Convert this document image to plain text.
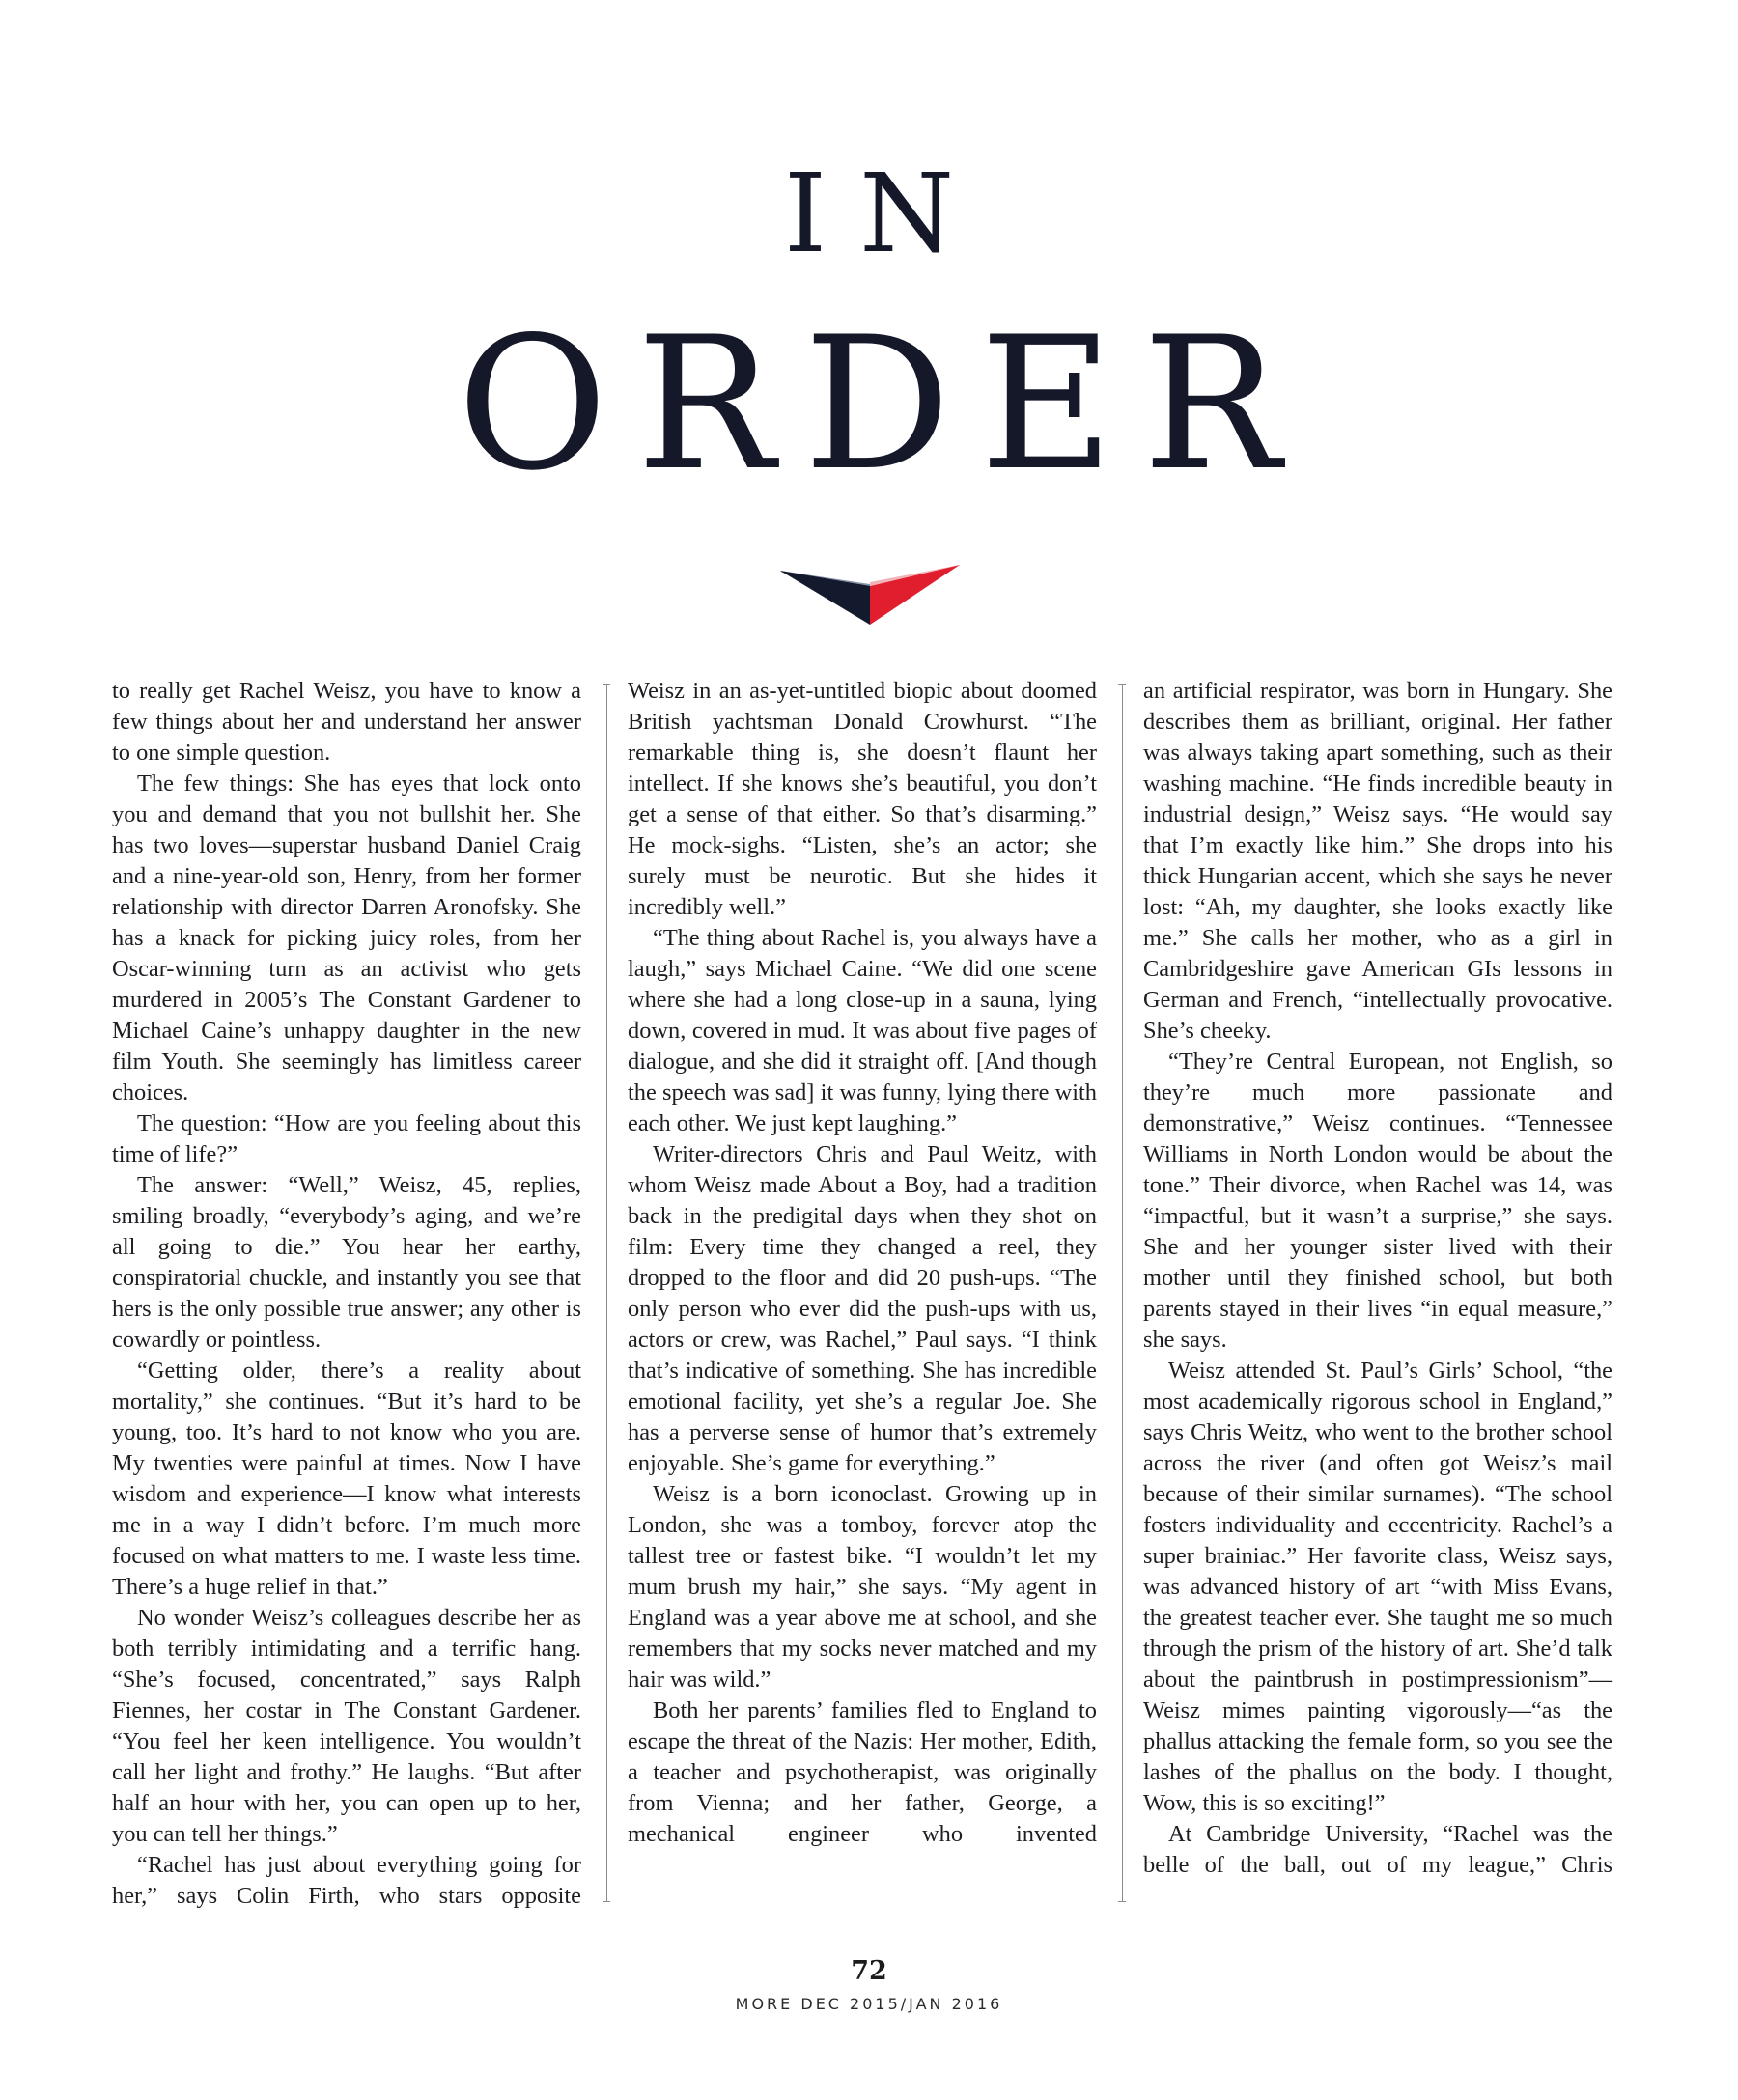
IN
ORDER

to really get Rachel Weisz, you have to know a few things about her and understand her answer to one simple question.

The few things: She has eyes that lock onto you and demand that you not bullshit her. She has two loves—superstar husband Daniel Craig and a nine-year-old son, Henry, from her former relationship with director Darren Aronofsky. She has a knack for picking juicy roles, from her Oscar-winning turn as an activist who gets murdered in 2005’s The Constant Gardener to Michael Caine’s unhappy daughter in the new film Youth. She seemingly has limitless career choices.

The question: “How are you feeling about this time of life?”

The answer: “Well,” Weisz, 45, replies, smiling broadly, “everybody’s aging, and we’re all going to die.” You hear her earthy, conspiratorial chuckle, and instantly you see that hers is the only possible true answer; any other is cowardly or pointless.

“Getting older, there’s a reality about mortality,” she continues. “But it’s hard to be young, too. It’s hard to not know who you are. My twenties were painful at times. Now I have wisdom and experience—I know what interests me in a way I didn’t before. I’m much more focused on what matters to me. I waste less time. There’s a huge relief in that.”

No wonder Weisz’s colleagues describe her as both terribly intimidating and a terrific hang. “She’s focused, concentrated,” says Ralph Fiennes, her costar in The Constant Gardener. “You feel her keen intelligence. You wouldn’t call her light and frothy.” He laughs. “But after half an hour with her, you can open up to her, you can tell her things.”

“Rachel has just about everything going for her,” says Colin Firth, who stars opposite

Weisz in an as-yet-untitled biopic about doomed British yachtsman Donald Crowhurst. “The remarkable thing is, she doesn’t flaunt her intellect. If she knows she’s beautiful, you don’t get a sense of that either. So that’s disarming.” He mock-sighs. “Listen, she’s an actor; she surely must be neurotic. But she hides it incredibly well.”

“The thing about Rachel is, you always have a laugh,” says Michael Caine. “We did one scene where she had a long close-up in a sauna, lying down, covered in mud. It was about five pages of dialogue, and she did it straight off. [And though the speech was sad] it was funny, lying there with each other. We just kept laughing.”

Writer-directors Chris and Paul Weitz, with whom Weisz made About a Boy, had a tradition back in the predigital days when they shot on film: Every time they changed a reel, they dropped to the floor and did 20 push-ups. “The only person who ever did the push-ups with us, actors or crew, was Rachel,” Paul says. “I think that’s indicative of something. She has incredible emotional facility, yet she’s a regular Joe. She has a perverse sense of humor that’s extremely enjoyable. She’s game for everything.”

Weisz is a born iconoclast. Growing up in London, she was a tomboy, forever atop the tallest tree or fastest bike. “I wouldn’t let my mum brush my hair,” she says. “My agent in England was a year above me at school, and she remembers that my socks never matched and my hair was wild.”

Both her parents’ families fled to England to escape the threat of the Nazis: Her mother, Edith, a teacher and psychotherapist, was originally from Vienna; and her father, George, a mechanical engineer who invented

an artificial respirator, was born in Hungary. She describes them as brilliant, original. Her father was always taking apart something, such as their washing machine. “He finds incredible beauty in industrial design,” Weisz says. “He would say that I’m exactly like him.” She drops into his thick Hungarian accent, which she says he never lost: “Ah, my daughter, she looks exactly like me.” She calls her mother, who as a girl in Cambridgeshire gave American GIs lessons in German and French, “intellectually provocative. She’s cheeky.

“They’re Central European, not English, so they’re much more passionate and demonstrative,” Weisz continues. “Tennessee Williams in North London would be about the tone.” Their divorce, when Rachel was 14, was “impactful, but it wasn’t a surprise,” she says. She and her younger sister lived with their mother until they finished school, but both parents stayed in their lives “in equal measure,” she says.

Weisz attended St. Paul’s Girls’ School, “the most academically rigorous school in England,” says Chris Weitz, who went to the brother school across the river (and often got Weisz’s mail because of their similar surnames). “The school fosters individuality and eccentricity. Rachel’s a super brainiac.” Her favorite class, Weisz says, was advanced history of art “with Miss Evans, the greatest teacher ever. She taught me so much through the prism of the history of art. She’d talk about the paintbrush in postimpressionism”—Weisz mimes painting vigorously—“as the phallus attacking the female form, so you see the lashes of the phallus on the body. I thought, Wow, this is so exciting!”

At Cambridge University, “Rachel was the belle of the ball, out of my league,” Chris

72
MORE DEC 2015/JAN 2016
